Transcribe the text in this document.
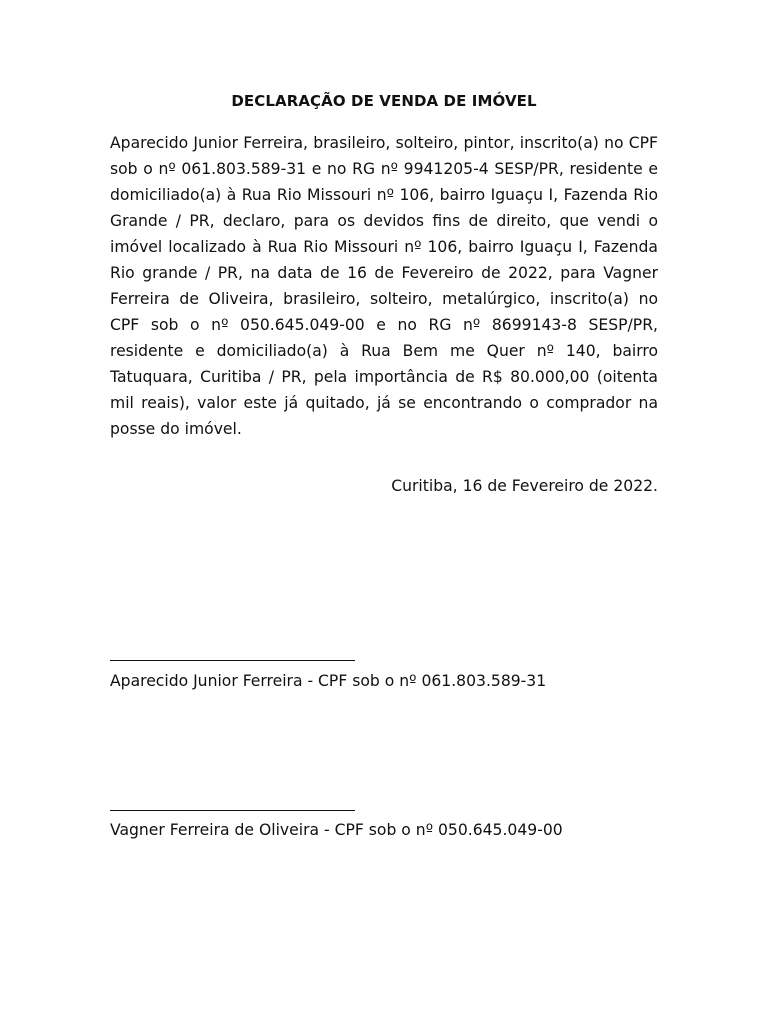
DECLARAÇÃO DE VENDA DE IMÓVEL
Aparecido Junior Ferreira, brasileiro, solteiro, pintor, inscrito(a) no CPF sob o nº 061.803.589-31 e no RG nº 9941205-4 SESP/PR, residente e domiciliado(a) à Rua Rio Missouri nº 106, bairro Iguaçu I, Fazenda Rio Grande / PR, declaro, para os devidos fins de direito, que vendi o imóvel localizado à Rua Rio Missouri nº 106, bairro Iguaçu I, Fazenda Rio grande / PR, na data de 16 de Fevereiro de 2022, para Vagner Ferreira de Oliveira, brasileiro, solteiro, metalúrgico, inscrito(a) no CPF sob o nº 050.645.049-00 e no RG nº 8699143-8 SESP/PR, residente e domiciliado(a) à Rua Bem me Quer nº 140, bairro Tatuquara, Curitiba / PR, pela importância de R$ 80.000,00 (oitenta mil reais), valor este já quitado, já se encontrando o comprador na posse do imóvel.
Curitiba, 16 de Fevereiro de 2022.
Aparecido Junior Ferreira - CPF sob o nº 061.803.589-31
Vagner Ferreira de Oliveira - CPF sob o nº 050.645.049-00
